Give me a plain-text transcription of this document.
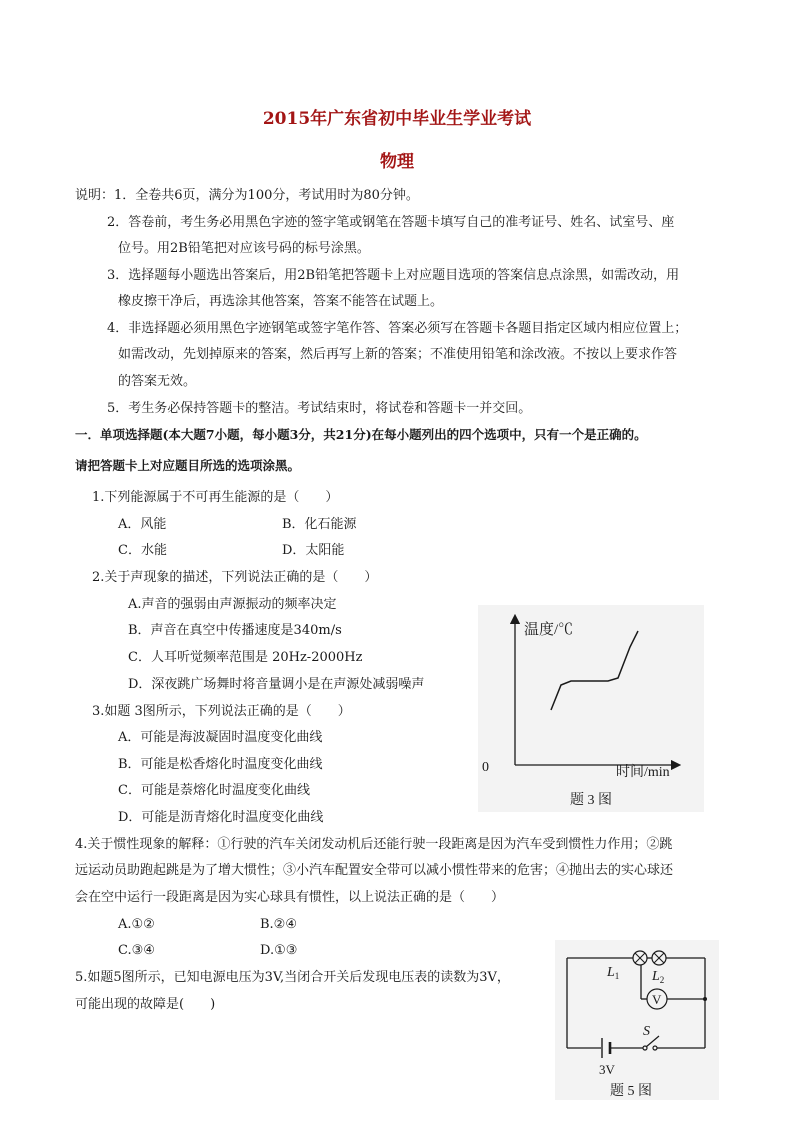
2015年广东省初中毕业生学业考试
物理
说明：1．全卷共6页，满分为100分，考试用时为80分钟。
2．答卷前，考生务必用黑色字迹的签字笔或钢笔在答题卡填写自己的准考证号、姓名、试室号、座
位号。用2B铅笔把对应该号码的标号涂黑。
3．选择题每小题选出答案后，用2B铅笔把答题卡上对应题目选项的答案信息点涂黑，如需改动，用
橡皮擦干净后，再选涂其他答案，答案不能答在试题上。
4．非选择题必须用黑色字迹钢笔或签字笔作答、答案必须写在答题卡各题目指定区域内相应位置上；
如需改动，先划掉原来的答案，然后再写上新的答案；不准使用铅笔和涂改液。不按以上要求作答
的答案无效。
5．考生务必保持答题卡的整洁。考试结束时，将试卷和答题卡一并交回。
一．单项选择题(本大题7小题，每小题3分，共21分)在每小题列出的四个选项中，只有一个是正确的。
请把答题卡上对应题目所选的选项涂黑。
1.下列能源属于不可再生能源的是（　　）
A．风能	B．化石能源
C．水能	D．太阳能
2.关于声现象的描述，下列说法正确的是（　　）
A.声音的强弱由声源振动的频率决定
B．声音在真空中传播速度是340m/s
C．人耳听觉频率范围是 20Hz-2000Hz
D．深夜跳广场舞时将音量调小是在声源处减弱噪声
3.如题 3图所示，下列说法正确的是（　　）
A．可能是海波凝固时温度变化曲线
B．可能是松香熔化时温度变化曲线
C．可能是萘熔化时温度变化曲线
D．可能是沥青熔化时温度变化曲线
温度/℃
时间/min
0
题 3 图
4.关于惯性现象的解释：①行驶的汽车关闭发动机后还能行驶一段距离是因为汽车受到惯性力作用；②跳
远运动员助跑起跳是为了增大惯性；③小汽车配置安全带可以减小惯性带来的危害；④抛出去的实心球还
会在空中运行一段距离是因为实心球具有惯性，以上说法正确的是（　　）
A.①②	B.②④
C.③④	D.①③
5.如题5图所示，已知电源电压为3V,当闭合开关后发现电压表的读数为3V，
可能出现的故障是(　　)	V
$L_1$ $L_2$
S
3V
题 5 图
